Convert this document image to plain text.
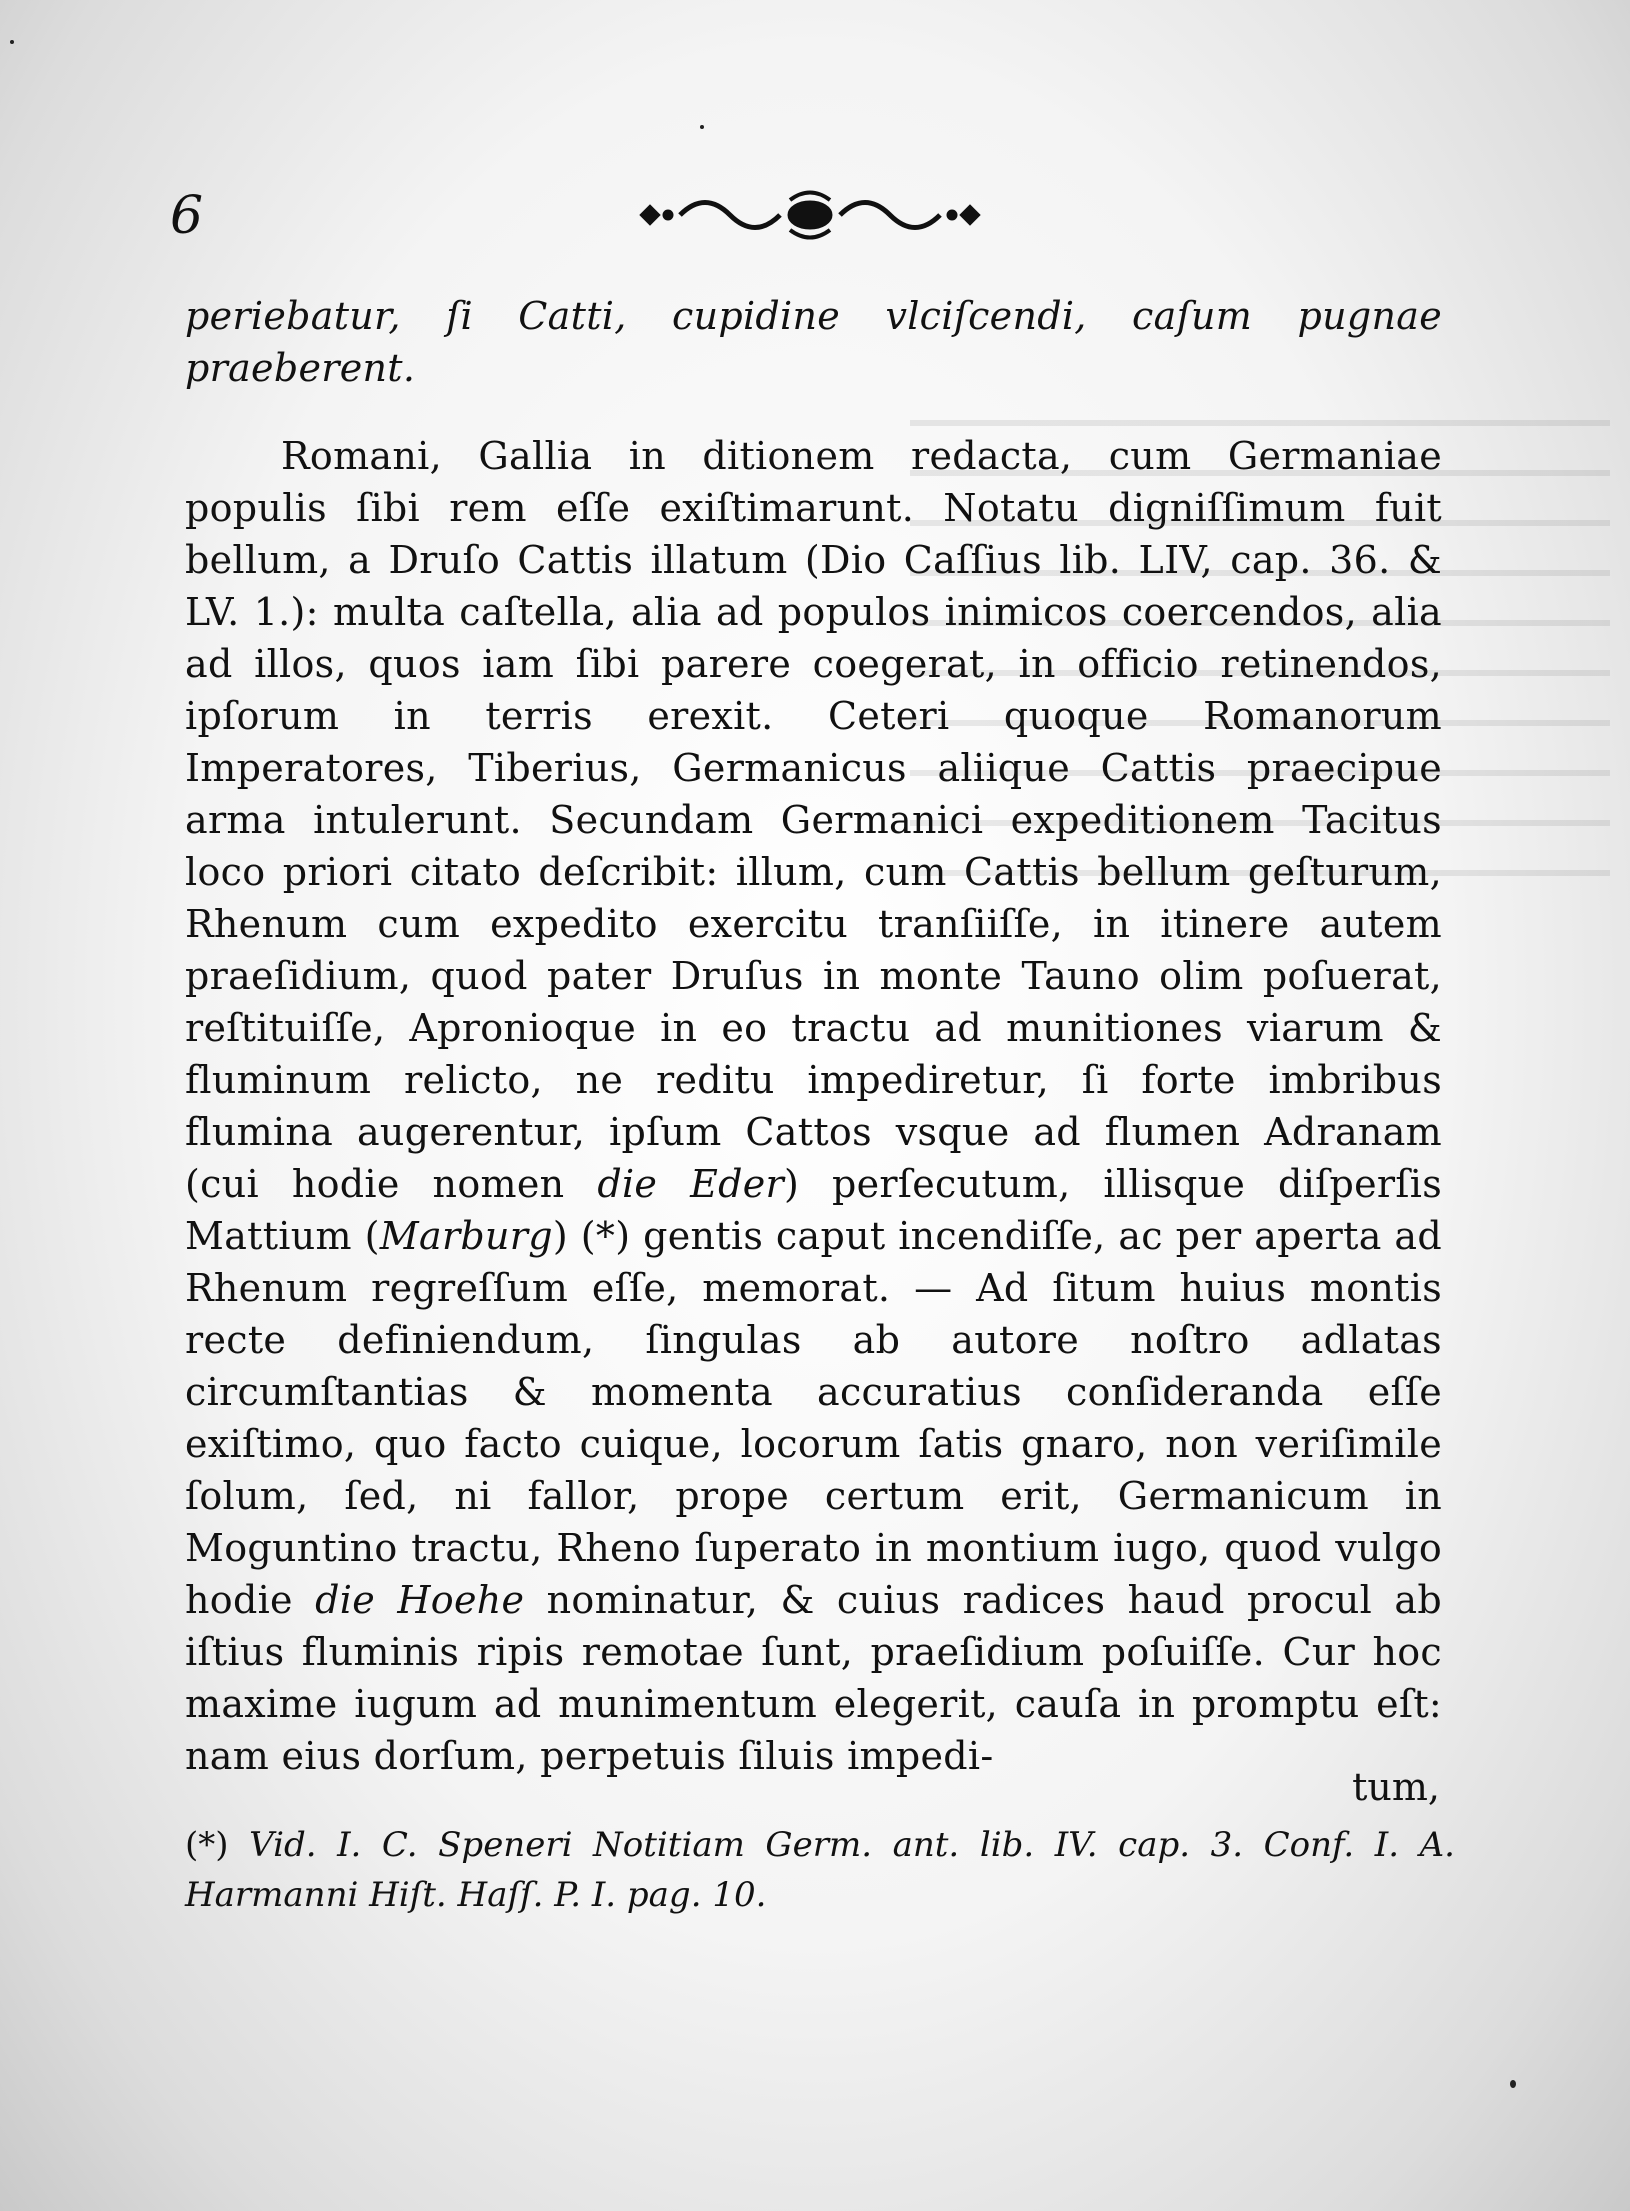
6

periebatur, ſi Catti, cupidine vlciſcendi, caſum pugnae praeberent.

Romani, Gallia in ditionem redacta, cum Germaniae populis ſibi rem eſſe exiſtimarunt. Notatu digniſſimum fuit bellum, a Druſo Cattis illatum (Dio Caſſius lib. LIV, cap. 36. & LV. 1.): multa caſtella, alia ad populos inimicos coercendos, alia ad illos, quos iam ſibi parere coegerat, in officio retinendos, ipſorum in terris erexit. Ceteri quoque Romanorum Imperatores, Tiberius, Germanicus aliique Cattis praecipue arma intulerunt. Secundam Germanici expeditionem Tacitus loco priori citato deſcribit: illum, cum Cattis bellum geſturum, Rhenum cum expedito exercitu tranſiiſſe, in itinere autem praeſidium, quod pater Druſus in monte Tauno olim poſuerat, reſtituiſſe, Apronioque in eo tractu ad munitiones viarum & fluminum relicto, ne reditu impediretur, ſi forte imbribus flumina augerentur, ipſum Cattos vsque ad flumen Adranam (cui hodie nomen die Eder) perſecutum, illisque diſperſis Mattium (Marburg) (*) gentis caput incendiſſe, ac per aperta ad Rhenum regreſſum eſſe, memorat. — Ad ſitum huius montis recte definiendum, ſingulas ab autore noſtro adlatas circumſtantias & momenta accuratius conſideranda eſſe exiſtimo, quo facto cuique, locorum ſatis gnaro, non veriſimile ſolum, ſed, ni fallor, prope certum erit, Germanicum in Moguntino tractu, Rheno ſuperato in montium iugo, quod vulgo hodie die Hoehe nominatur, & cuius radices haud procul ab iſtius fluminis ripis remotae ſunt, praeſidium poſuiſſe. Cur hoc maxime iugum ad munimentum elegerit, cauſa in promptu eſt: nam eius dorſum, perpetuis ſiluis impedi-

tum,
(*) Vid. I. C. Speneri Notitiam Germ. ant. lib. IV. cap. 3. Conf. I. A. Harmanni Hiſt. Haſſ. P. I. pag. 10.
